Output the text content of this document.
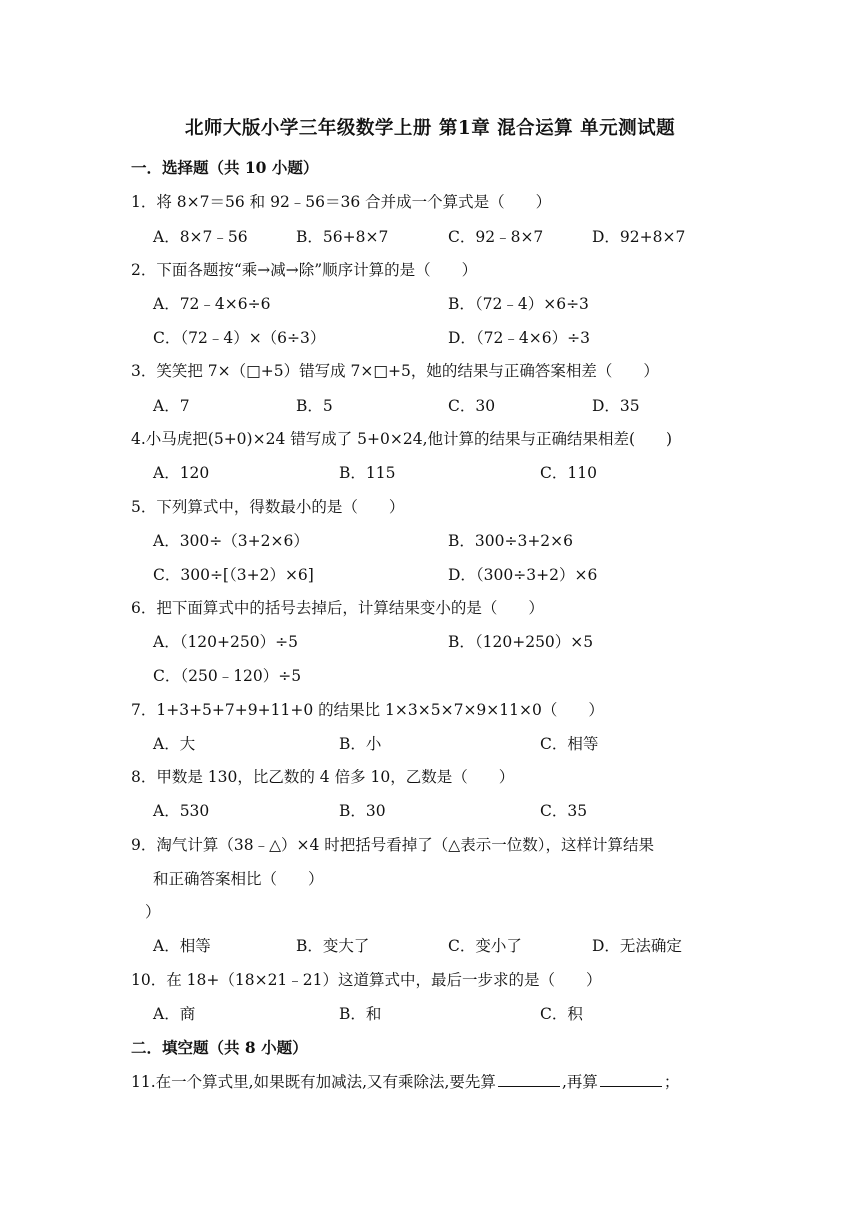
北师大版小学三年级数学上册 第1章 混合运算 单元测试题
一．选择题（共 10 小题）
1．将 8×7＝56 和 92﹣56＝36 合并成一个算式是（　　）
A．8×7﹣56	B．56+8×7	C．92﹣8×7	D．92+8×7
2．下面各题按“乘→减→除”顺序计算的是（　　）
A．72﹣4×6÷6	B．（72﹣4）×6÷3
C．（72﹣4）×（6÷3）	D．（72﹣4×6）÷3
3．笑笑把 7×（□+5）错写成 7×□+5，她的结果与正确答案相差（　　）
A．7	B．5	C．30	D．35
4.小马虎把(5+0)×24 错写成了 5+0×24,他计算的结果与正确结果相差(　　)
A．120	B．115	C．110
5．下列算式中，得数最小的是（　　）
A．300÷（3+2×6）	B．300÷3+2×6
C．300÷[（3+2）×6]	D．（300÷3+2）×6
6．把下面算式中的括号去掉后，计算结果变小的是（　　）
A．（120+250）÷5	B．（120+250）×5
C．（250﹣120）÷5
7．1+3+5+7+9+11+0 的结果比 1×3×5×7×9×11×0（　　）
A．大	B．小	C．相等
8．甲数是 130，比乙数的 4 倍多 10，乙数是（　　）
A．530	B．30	C．35
9．淘气计算（38﹣△）×4 时把括号看掉了（△表示一位数），这样计算结果
和正确答案相比（　　）
）
A．相等	B．变大了	C．变小了	D．无法确定
10．在 18+（18×21﹣21）这道算式中，最后一步求的是（　　）
A．商	B．和	C．积
二．填空题（共 8 小题）
11.在一个算式里,如果既有加减法,又有乘除法,要先算	,再算	；
